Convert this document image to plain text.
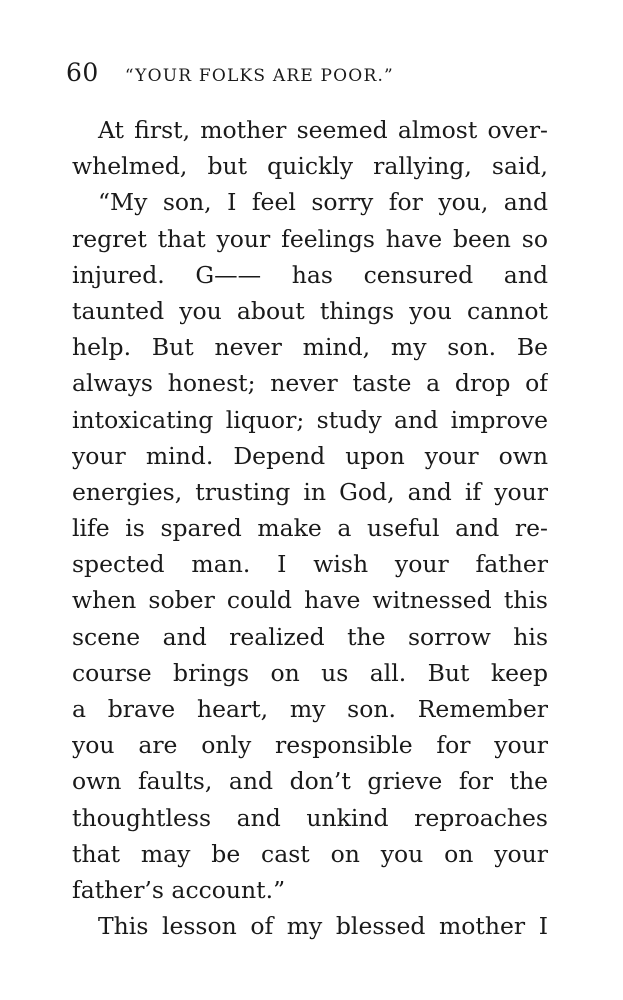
60 “YOUR FOLKS ARE POOR.”
At first, mother seemed almost over-
whelmed, but quickly rallying, said,
“My son, I feel sorry for you, and
regret that your feelings have been so
injured. G—— has censured and
taunted you about things you cannot
help. But never mind, my son. Be
always honest; never taste a drop of
intoxicating liquor; study and improve
your mind. Depend upon your own
energies, trusting in God, and if your
life is spared make a useful and re-
spected man. I wish your father
when sober could have witnessed this
scene and realized the sorrow his
course brings on us all. But keep
a brave heart, my son. Remember
you are only responsible for your
own faults, and don’t grieve for the
thoughtless and unkind reproaches
that may be cast on you on your
father’s account.”
This lesson of my blessed mother I
